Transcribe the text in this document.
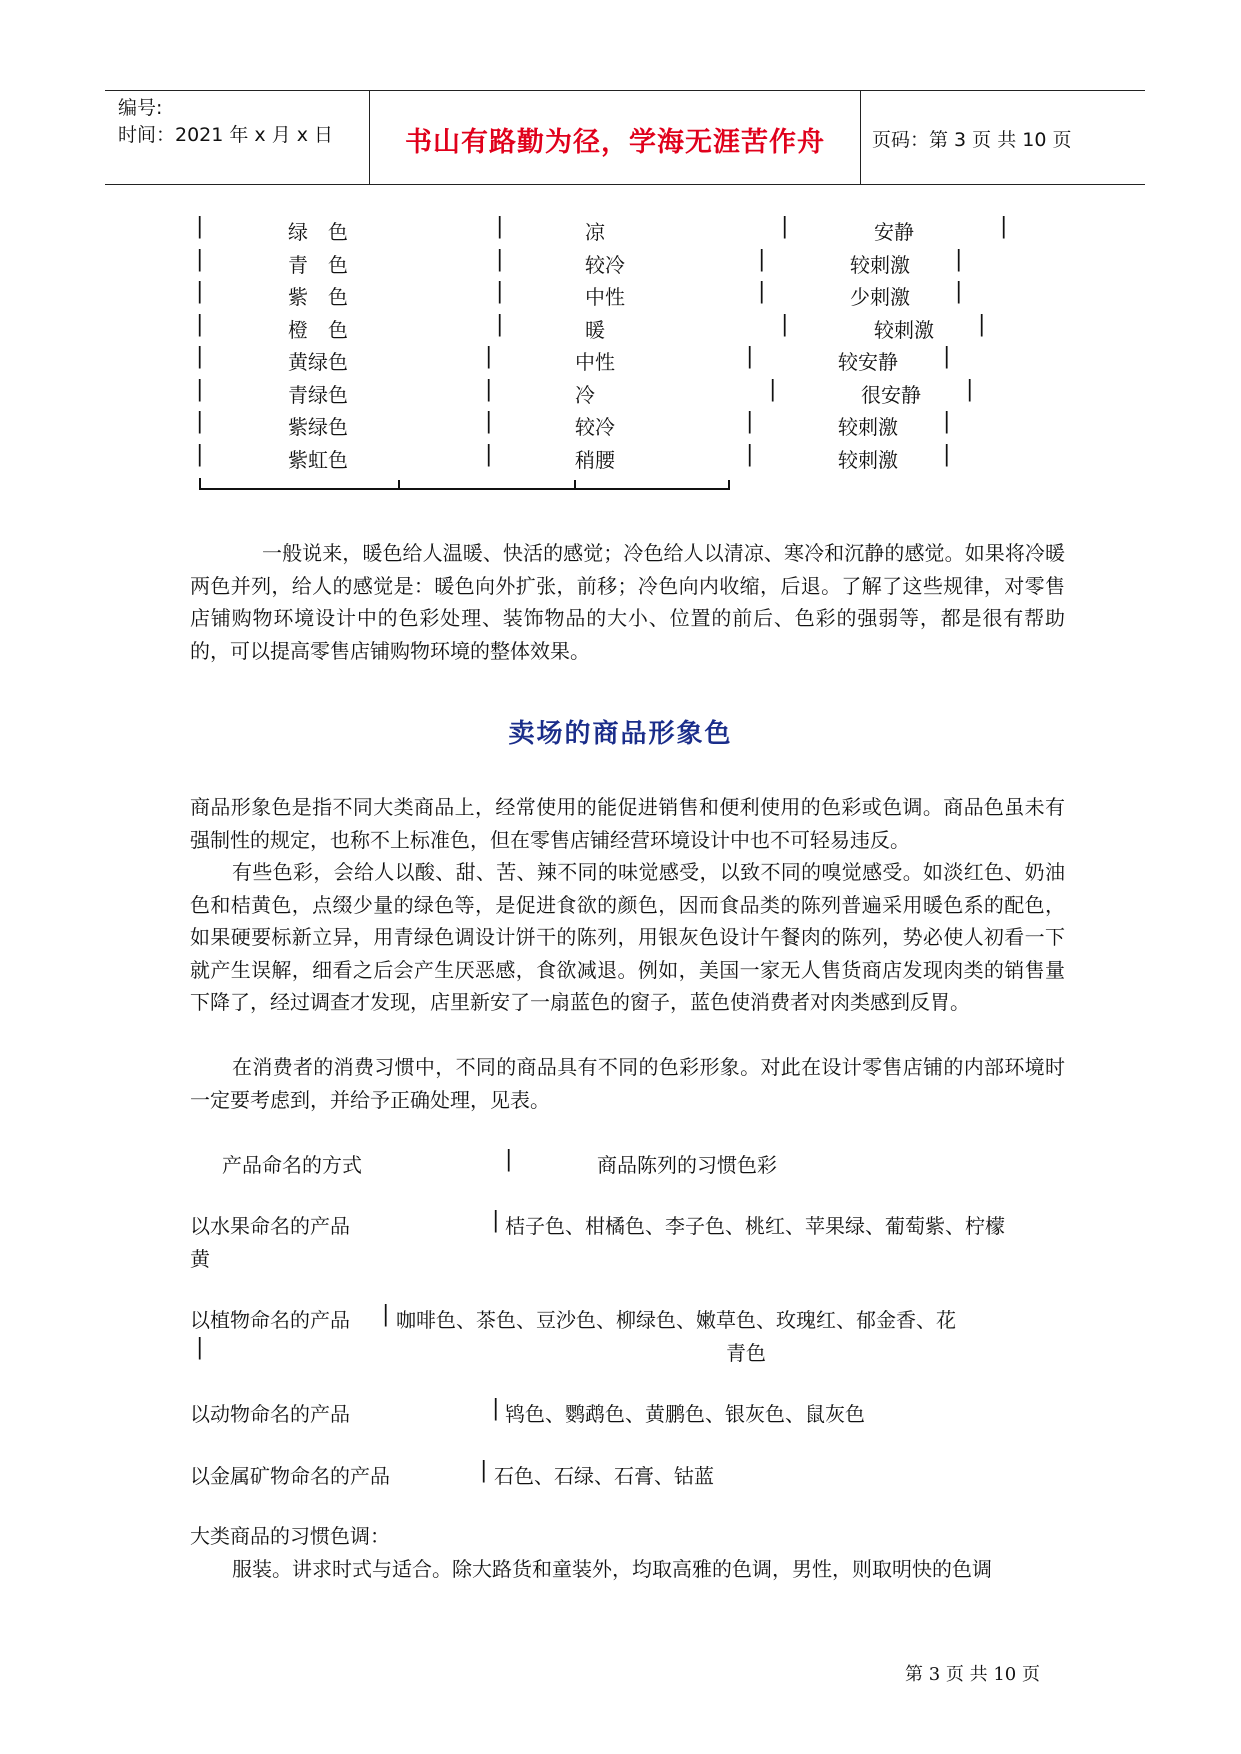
编号:
时间：2021 年 x 月 x 日	书山有路勤为径，学海无涯苦作舟	页码：第 3 页 共 10 页
|	绿　色	|	凉	|	安静	|
|	青　色	|	较冷	|	较刺激 |
|	紫　色	|	中性	|	少刺激 |
|	橙　色	|	暖	|	较刺激 |
|	黄绿色	|	中性	|	较安静 |
|	青绿色	|	冷	|	很安静 |
|	紫绿色	|	较冷	|	较刺激 |
|	紫虹色	|	稍腰	|	较刺激 |
一般说来，暖色给人温暖、快活的感觉；冷色给人以清凉、寒冷和沉静的感觉。如果将冷暖两色并列，给人的感觉是：暖色向外扩张，前移；冷色向内收缩，后退。了解了这些规律，对零售店铺购物环境设计中的色彩处理、装饰物品的大小、位置的前后、色彩的强弱等，都是很有帮助的，可以提高零售店铺购物环境的整体效果。
卖场的商品形象色
商品形象色是指不同大类商品上，经常使用的能促进销售和便利使用的色彩或色调。商品色虽未有强制性的规定，也称不上标准色，但在零售店铺经营环境设计中也不可轻易违反。
有些色彩，会给人以酸、甜、苦、辣不同的味觉感受，以致不同的嗅觉感受。如淡红色、奶油色和桔黄色，点缀少量的绿色等，是促进食欲的颜色，因而食品类的陈列普遍采用暖色系的配色，如果硬要标新立异，用青绿色调设计饼干的陈列，用银灰色设计午餐肉的陈列，势必使人初看一下就产生误解，细看之后会产生厌恶感，食欲减退。例如，美国一家无人售货商店发现肉类的销售量下降了，经过调查才发现，店里新安了一扇蓝色的窗子，蓝色使消费者对肉类感到反胃。
在消费者的消费习惯中，不同的商品具有不同的色彩形象。对此在设计零售店铺的内部环境时一定要考虑到，并给予正确处理，见表。
产品命名的方式	|	商品陈列的习惯色彩
以水果命名的产品	| 桔子色、柑橘色、李子色、桃红、苹果绿、葡萄紫、柠檬
黄
以植物命名的产品 | 咖啡色、茶色、豆沙色、柳绿色、嫩草色、玫瑰红、郁金香、花
|	青色
以动物命名的产品	| 鸨色、鹦鹉色、黄鹏色、银灰色、鼠灰色
以金属矿物命名的产品	| 石色、石绿、石膏、钴蓝
大类商品的习惯色调：
服装。讲求时式与适合。除大路货和童装外，均取高雅的色调，男性，则取明快的色调
第 3 页 共 10 页
